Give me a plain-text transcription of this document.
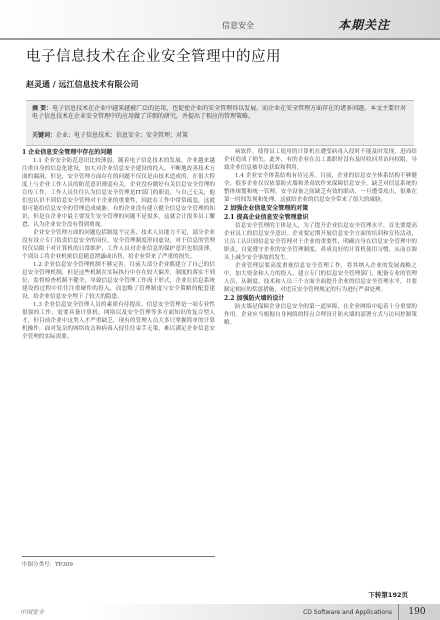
信息安全	本期关注
电子信息技术在企业安全管理中的应用
赵灵通 / 远江信息技术有限公司
摘 要：电子信息技术在企业中越来越被广泛的运用，也促使企业的安全管理得以发展，而企业在安全管理方面存在的诸多问题，本文主要针对电子信息技术在企业安全管理中的应用做了详细的研究，并提出了相应的管理策略。
关键词：企业；电子信息技术；信息安全；安全管理；对策
1 企业信息安全管理中存在的问题

1.1 企业安全防范意识比较薄弱。随着电子信息技术的发展，企业越来越注重自身的信息化建设，加大对企业信息安全建设的投入。不断地改善技术方面的漏洞，但是，安全管理方面存在的问题不仅仅是由技术造成的，在很大程度上与企业工作人员的防范意识薄弱有关。企业没有做好有关信息安全管理的宣传工作，工作人员往往认为信息安全管理是IT部门的职责，与自己无关，他们也认识不到信息安全管理对于企业的重要性，因此在工作中常常疏忽，这就很可能给信息安全的管理造成威胁。有的企业没有建立健全信息安全管理的知识，但是在企业中最主要发生安全管理的问题不是很多，这就会让很多员工懈怠，认为企业安全没有得到重视。

企业安全管理方面的问题包括制度不完善、技术人员能力不足，部分企业没有设立专门负责信息安全的岗位，安全管理制度形同虚设，对于信息的管理仅仅局限于对计算机的日常维护，工作人员对企业信息的保护意识也很淡薄，个别员工将企业机密信息随意泄露或出售，给企业带来了严重的损失。

1.2 企业信息安全管理机制不够完善。目前大部分企业都建立了自己的信息安全管理机制，但是这些机制在实际执行中存在较大偏差，制度的落实不到位，监督检查机制不健全，导致信息安全管理工作流于形式，企业在信息系统建设的过程中往往注重硬件的投入，而忽略了管理制度与安全策略的配套建设，给企业信息安全埋下了较大的隐患。

1.3 企业信息安全管理人员的素质有待提高。信息安全管理是一项专业性很强的工作，需要具备计算机、网络以及安全管理等多方面知识的复合型人才，但目前企业中这类人才严重缺乏，现有的管理人员大多只掌握简单的计算机操作，面对复杂的网络攻击和病毒入侵往往束手无策，难以满足企业信息安全管理的实际需要。

病软件，使得员工使用的计算机在遭受病毒入侵时不能及时发现，进而给企业造成了损失。此外，有的企业在员工离职时没有及时收回其访问权限，导致企业信息被非法获取和利用。

1.4 企业安全体系结构有待完善。目前，企业的信息安全体系结构不够健全，很多企业仅仅依靠防火墙和杀毒软件来保障信息安全，缺乏对信息系统的整体规划和统一管理，安全设备之间缺乏有效的联动，一旦遭受攻击，很难在第一时间发现和处理，这就给企业的信息安全带来了很大的威胁。

2 加强企业信息安全管理的对策
2.1 提高企业信息安全管理意识

信息安全管理的主体是人，为了提升企业信息安全管理水平，首先要提高企业员工的信息安全意识。企业要定期开展信息安全方面的培训和宣传活动，让员工认识到信息安全管理对于企业的重要性，明确自身在信息安全管理中的职责，自觉遵守企业的安全管理制度，养成良好的计算机使用习惯，从而在源头上减少安全事故的发生。

企业管理层要高度重视信息安全管理工作，将其纳入企业的发展战略之中，加大资金和人力的投入，建立专门的信息安全管理部门，配备专业的管理人员，从制度、技术和人员三个方面全面提升企业的信息安全管理水平，并要制定相应的奖惩措施，对违反安全管理规定的行为进行严肃处理。

2.2 加强防火墙的设计

防火墙是保障企业信息安全的第一道屏障，在企业网络中起着十分重要的作用。企业应当根据自身网络的特点合理设计防火墙的部署方式与访问控制策略。

中图分类号：TP309
下转第192页
中国安全	CD Software and Applications	190
